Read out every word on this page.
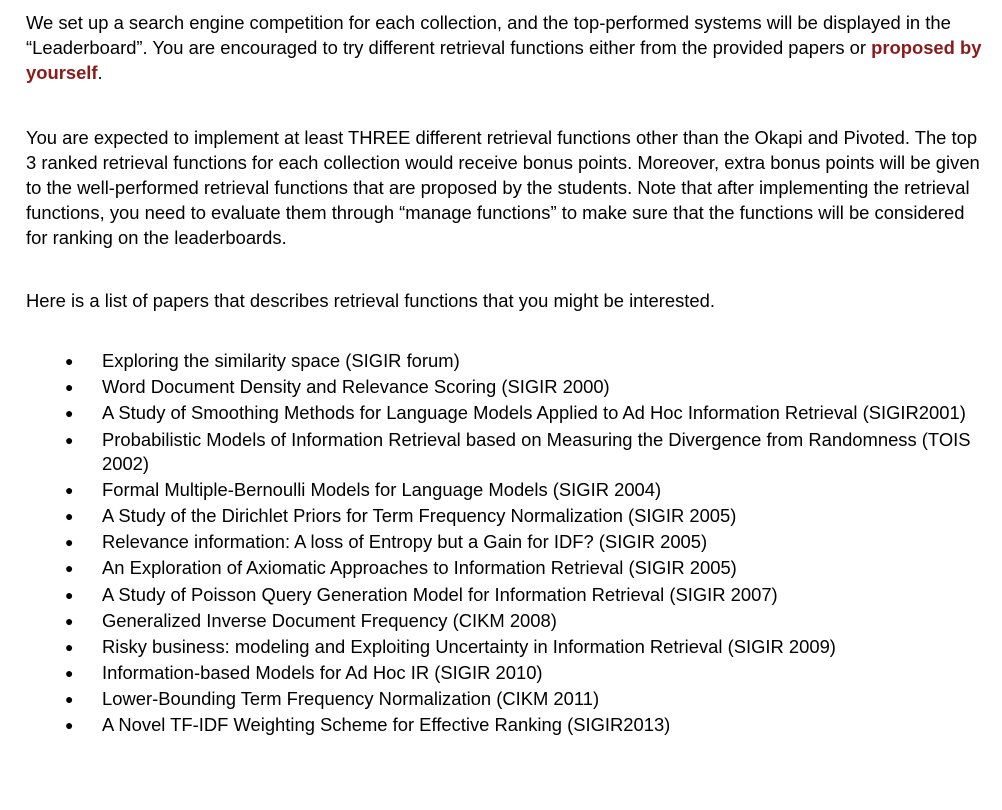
We set up a search engine competition for each collection, and the top-performed systems will be displayed in the “Leaderboard”. You are encouraged to try different retrieval functions either from the provided papers or proposed by yourself.

You are expected to implement at least THREE different retrieval functions other than the Okapi and Pivoted. The top 3 ranked retrieval functions for each collection would receive bonus points. Moreover, extra bonus points will be given to the well-performed retrieval functions that are proposed by the students. Note that after implementing the retrieval functions, you need to evaluate them through “manage functions” to make sure that the functions will be considered for ranking on the leaderboards.

Here is a list of papers that describes retrieval functions that you might be interested.

● Exploring the similarity space (SIGIR forum)
● Word Document Density and Relevance Scoring (SIGIR 2000)
● A Study of Smoothing Methods for Language Models Applied to Ad Hoc Information Retrieval (SIGIR2001)
● Probabilistic Models of Information Retrieval based on Measuring the Divergence from Randomness (TOIS 2002)
● Formal Multiple-Bernoulli Models for Language Models (SIGIR 2004)
● A Study of the Dirichlet Priors for Term Frequency Normalization (SIGIR 2005)
● Relevance information: A loss of Entropy but a Gain for IDF? (SIGIR 2005)
● An Exploration of Axiomatic Approaches to Information Retrieval (SIGIR 2005)
● A Study of Poisson Query Generation Model for Information Retrieval (SIGIR 2007)
● Generalized Inverse Document Frequency (CIKM 2008)
● Risky business: modeling and Exploiting Uncertainty in Information Retrieval (SIGIR 2009)
● Information-based Models for Ad Hoc IR (SIGIR 2010)
● Lower-Bounding Term Frequency Normalization (CIKM 2011)
● A Novel TF-IDF Weighting Scheme for Effective Ranking (SIGIR2013)
